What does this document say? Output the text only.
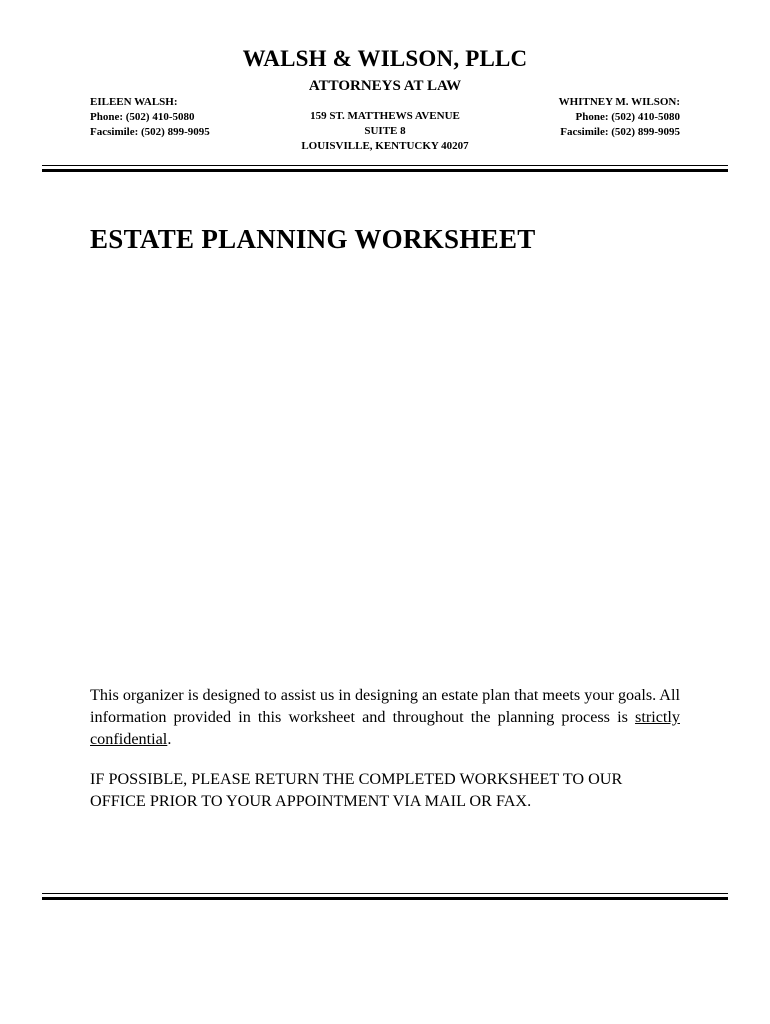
WALSH & WILSON, PLLC
ATTORNEYS AT LAW
EILEEN WALSH:
Phone: (502) 410-5080
Facsimile: (502) 899-9095
159 ST. MATTHEWS AVENUE
SUITE 8
LOUISVILLE, KENTUCKY 40207
WHITNEY M. WILSON:
Phone: (502) 410-5080
Facsimile: (502) 899-9095
ESTATE PLANNING WORKSHEET
This organizer is designed to assist us in designing an estate plan that meets your goals. All information provided in this worksheet and throughout the planning process is strictly confidential.
IF POSSIBLE, PLEASE RETURN THE COMPLETED WORKSHEET TO OUR OFFICE PRIOR TO YOUR APPOINTMENT VIA MAIL OR FAX.
